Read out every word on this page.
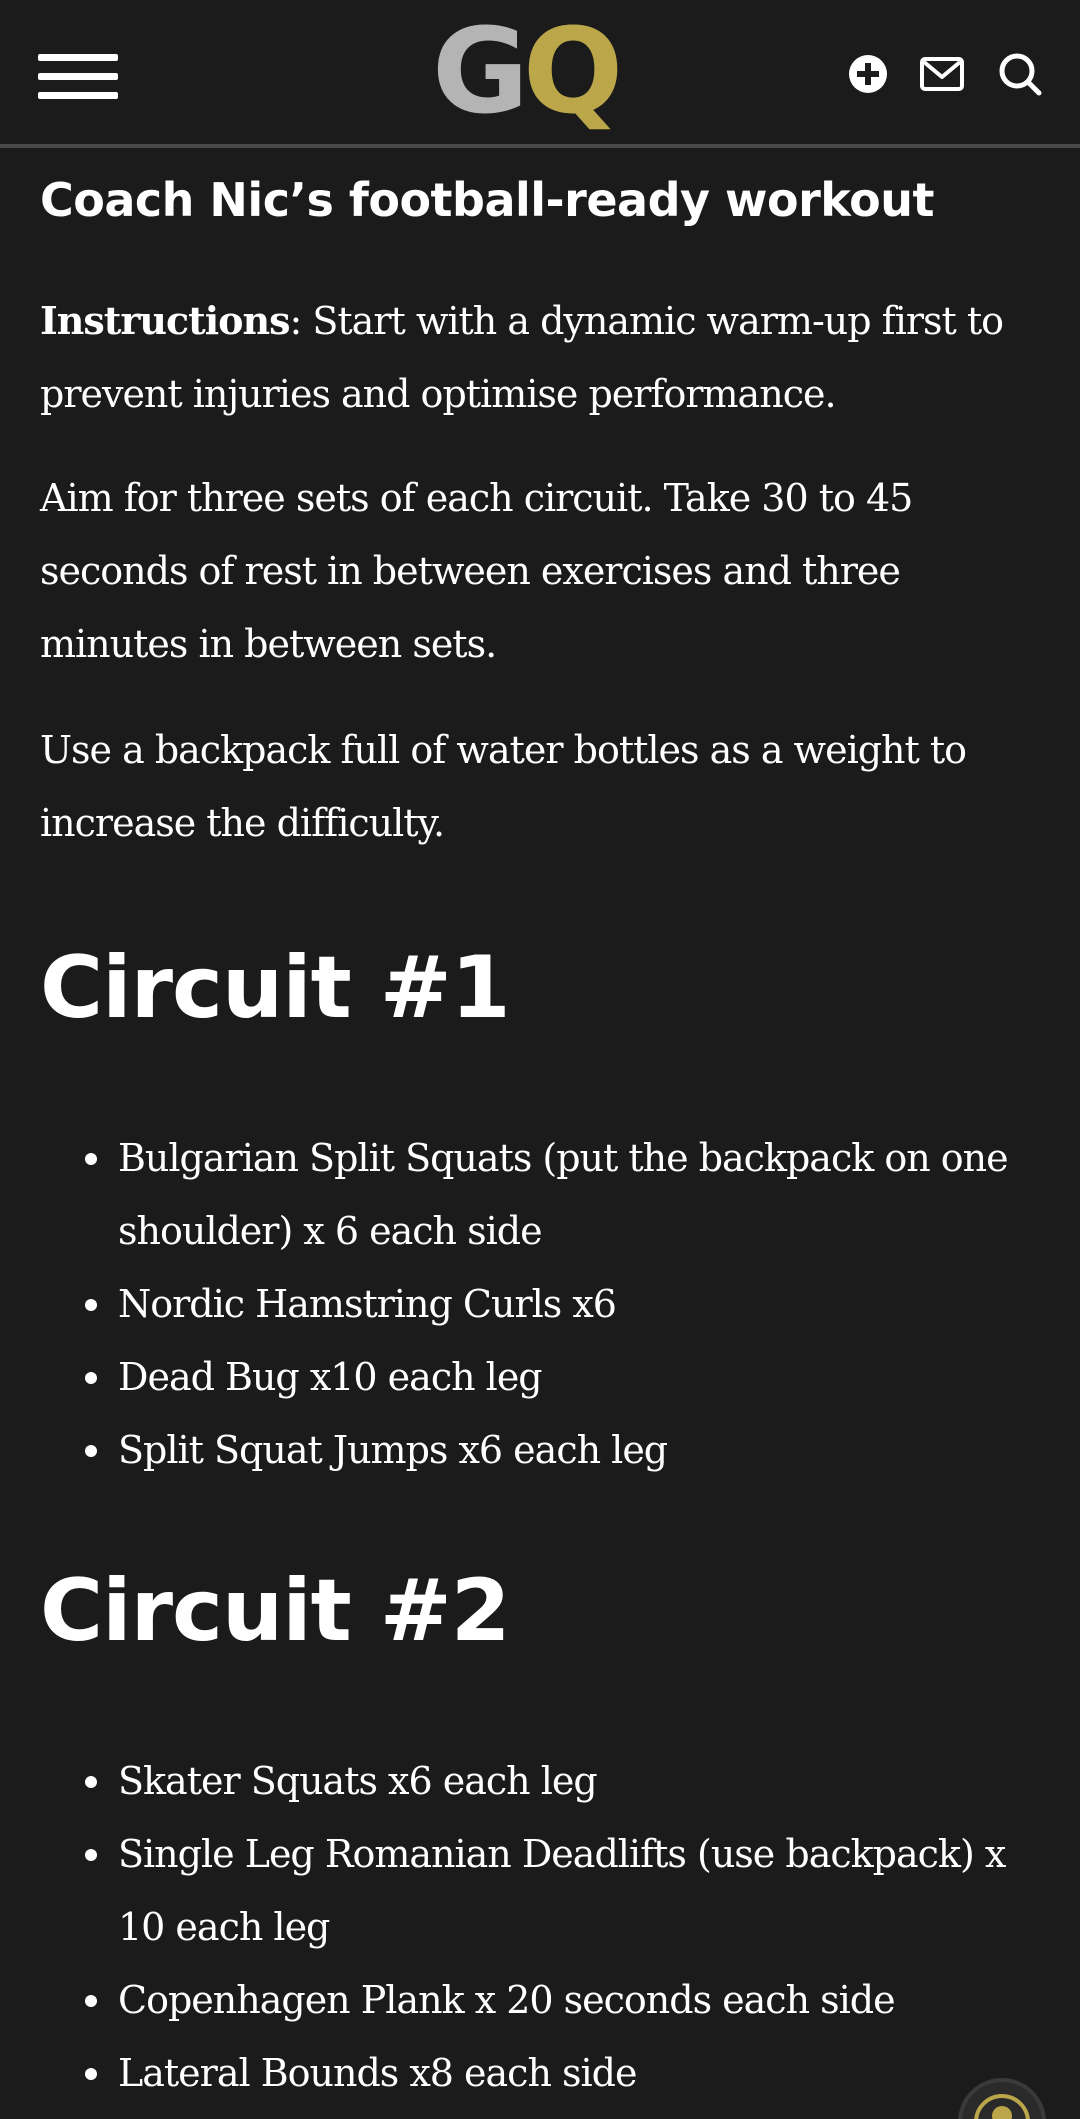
GQ
Coach Nic’s football-ready workout

Instructions: Start with a dynamic warm-up first to prevent injuries and optimise performance.

Aim for three sets of each circuit. Take 30 to 45 seconds of rest in between exercises and three minutes in between sets.

Use a backpack full of water bottles as a weight to increase the difficulty.

Circuit #1
Bulgarian Split Squats (put the backpack on one shoulder) x 6 each side
Nordic Hamstring Curls x6
Dead Bug x10 each leg
Split Squat Jumps x6 each leg
Circuit #2
Skater Squats x6 each leg
Single Leg Romanian Deadlifts (use backpack) x 10 each leg
Copenhagen Plank x 20 seconds each side
Lateral Bounds x8 each side
